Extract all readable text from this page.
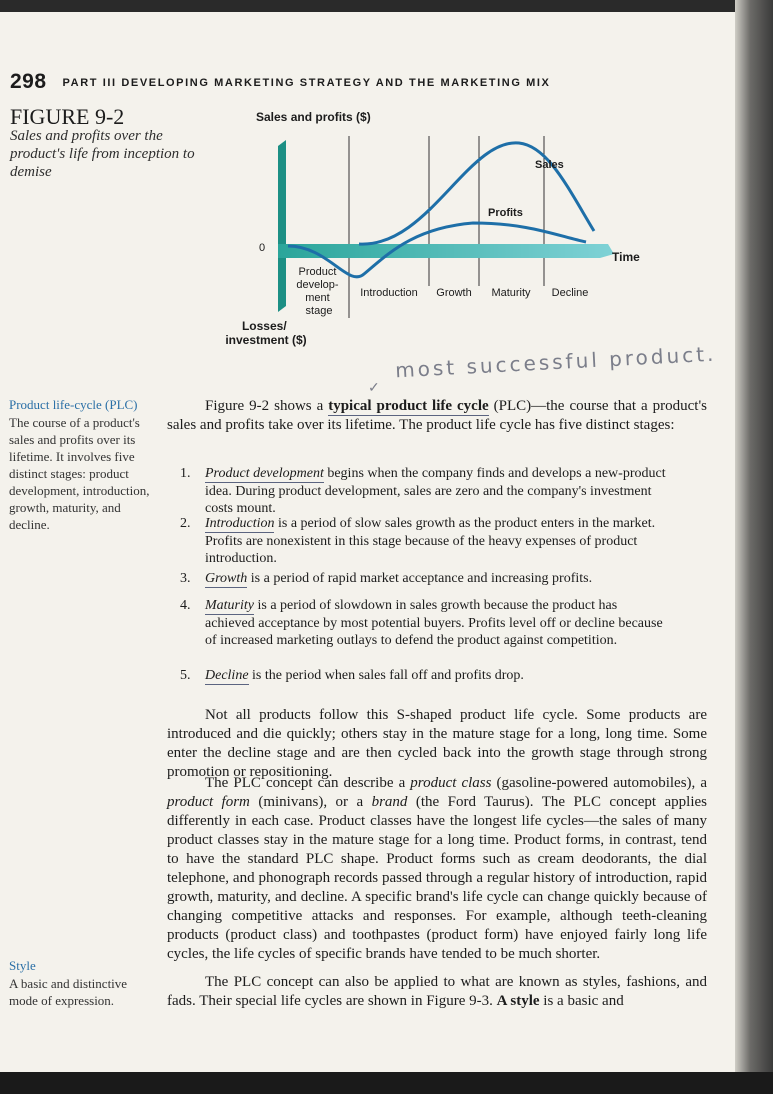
298 PART III DEVELOPING MARKETING STRATEGY AND THE MARKETING MIX
FIGURE 9-2
Sales and profits over the product's life from inception to demise
Sales and profits ($)
0
Sales
Profits
Time
Product develop- ment stage
Introduction Growth Maturity Decline
Losses/ investment ($)
most successful product.
✓
Product life-cycle (PLC)
The course of a product's sales and profits over its lifetime. It involves five distinct stages: product development, introduction, growth, maturity, and decline.
Style
A basic and distinctive mode of expression.

Figure 9-2 shows a typical product life cycle (PLC)—the course that a product's sales and profits take over its lifetime. The product life cycle has five distinct stages:

1. Product development begins when the company finds and develops a new-product idea. During product development, sales are zero and the company's investment costs mount.
2. Introduction is a period of slow sales growth as the product enters in the market. Profits are nonexistent in this stage because of the heavy expenses of product introduction.
3. Growth is a period of rapid market acceptance and increasing profits.
4. Maturity is a period of slowdown in sales growth because the product has achieved acceptance by most potential buyers. Profits level off or decline because of increased marketing outlays to defend the product against competition.
5. Decline is the period when sales fall off and profits drop.

Not all products follow this S-shaped product life cycle. Some products are introduced and die quickly; others stay in the mature stage for a long, long time. Some enter the decline stage and are then cycled back into the growth stage through strong promotion or repositioning.

The PLC concept can describe a product class (gasoline-powered automobiles), a product form (minivans), or a brand (the Ford Taurus). The PLC concept applies differently in each case. Product classes have the longest life cycles—the sales of many product classes stay in the mature stage for a long time. Product forms, in contrast, tend to have the standard PLC shape. Product forms such as cream deodorants, the dial telephone, and phonograph records passed through a regular history of introduction, rapid growth, maturity, and decline. A specific brand's life cycle can change quickly because of changing competitive attacks and responses. For example, although teeth-cleaning products (product class) and toothpastes (product form) have enjoyed fairly long life cycles, the life cycles of specific brands have tended to be much shorter.

The PLC concept can also be applied to what are known as styles, fashions, and fads. Their special life cycles are shown in Figure 9-3. A style is a basic and
